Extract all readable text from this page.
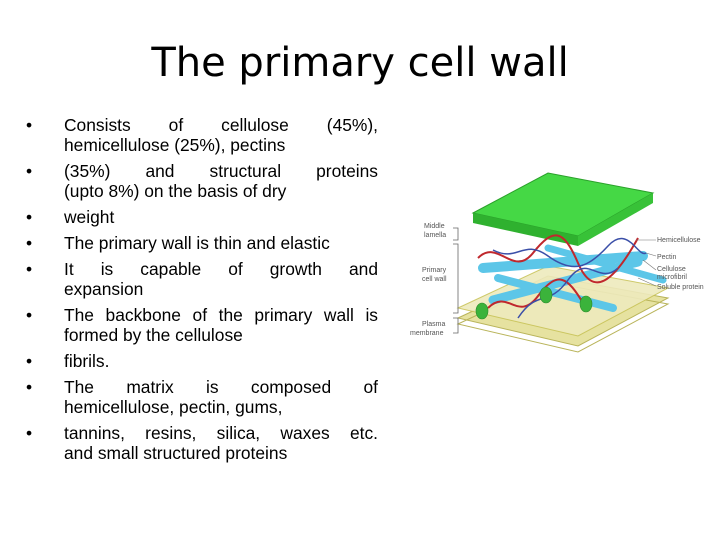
The primary cell wall
•	Consists of cellulose (45%),
hemicellulose (25%), pectins
•	(35%) and structural proteins
(upto 8%) on the basis of dry
•	weight
•	The primary wall is thin and elastic
•	It is capable of growth and
expansion
•	The backbone of the primary wall is
formed by the cellulose
•	fibrils.
•	The matrix is composed of
hemicellulose, pectin, gums,
•	tannins, resins, silica, waxes etc.
and small structured proteins
Middle
lamella
Primary
cell wall
Plasma
membrane
Hemicellulose
Pectin
Cellulose
microfibril
Soluble protein
